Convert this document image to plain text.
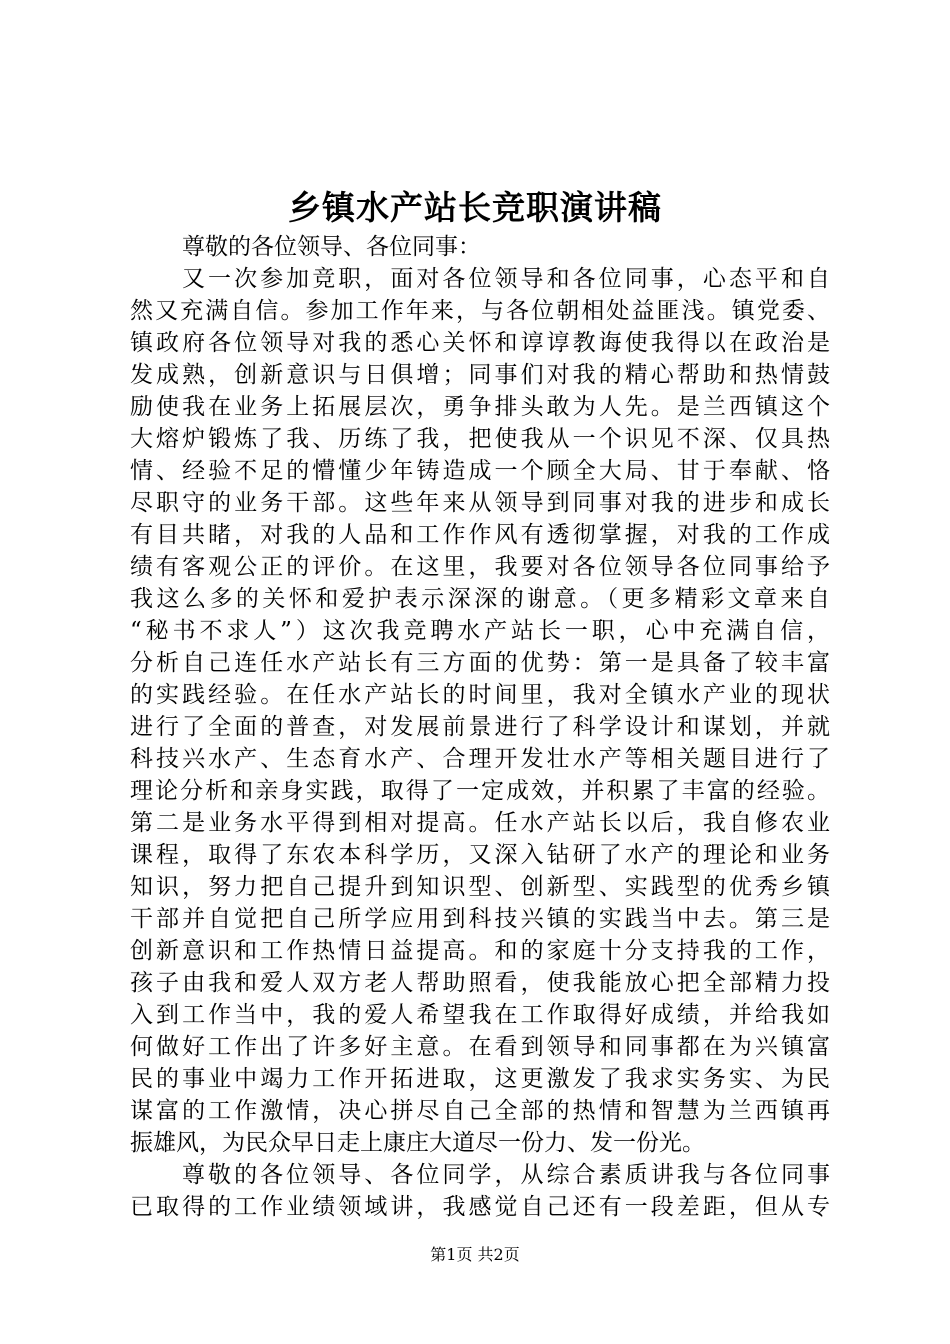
乡镇水产站长竞职演讲稿
尊敬的各位领导、各位同事：
又一次参加竞职，面对各位领导和各位同事，心态平和自
然又充满自信。参加工作年来，与各位朝相处益匪浅。镇党委、
镇政府各位领导对我的悉心关怀和谆谆教诲使我得以在政治是
发成熟，创新意识与日俱增；同事们对我的精心帮助和热情鼓
励使我在业务上拓展层次，勇争排头敢为人先。是兰西镇这个
大熔炉锻炼了我、历练了我，把使我从一个识见不深、仅具热
情、经验不足的懵懂少年铸造成一个顾全大局、甘于奉献、恪
尽职守的业务干部。这些年来从领导到同事对我的进步和成长
有目共睹，对我的人品和工作作风有透彻掌握，对我的工作成
绩有客观公正的评价。在这里，我要对各位领导各位同事给予
我这么多的关怀和爱护表示深深的谢意。（更多精彩文章来自
“秘书不求人”）这次我竞聘水产站长一职，心中充满自信，
分析自己连任水产站长有三方面的优势：第一是具备了较丰富
的实践经验。在任水产站长的时间里，我对全镇水产业的现状
进行了全面的普查，对发展前景进行了科学设计和谋划，并就
科技兴水产、生态育水产、合理开发壮水产等相关题目进行了
理论分析和亲身实践，取得了一定成效，并积累了丰富的经验。
第二是业务水平得到相对提高。任水产站长以后，我自修农业
课程，取得了东农本科学历，又深入钻研了水产的理论和业务
知识，努力把自己提升到知识型、创新型、实践型的优秀乡镇
干部并自觉把自己所学应用到科技兴镇的实践当中去。第三是
创新意识和工作热情日益提高。和的家庭十分支持我的工作，
孩子由我和爱人双方老人帮助照看，使我能放心把全部精力投
入到工作当中，我的爱人希望我在工作取得好成绩，并给我如
何做好工作出了许多好主意。在看到领导和同事都在为兴镇富
民的事业中竭力工作开拓进取，这更激发了我求实务实、为民
谋富的工作激情，决心拼尽自己全部的热情和智慧为兰西镇再
振雄风，为民众早日走上康庄大道尽一份力、发一份光。
尊敬的各位领导、各位同学，从综合素质讲我与各位同事
已取得的工作业绩领域讲，我感觉自己还有一段差距，但从专
第1页 共2页
